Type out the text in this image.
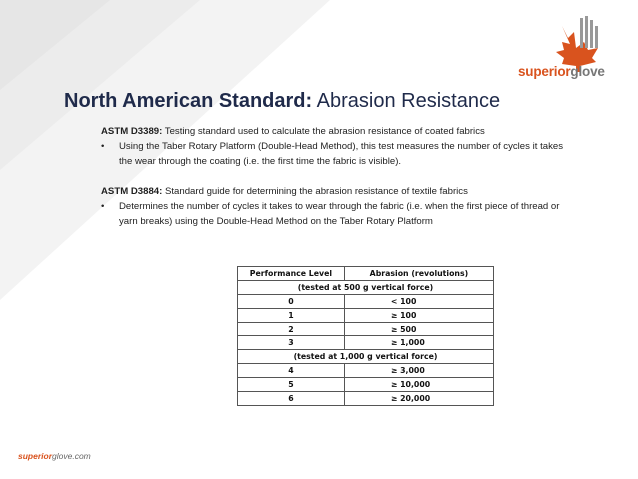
superiorglove
North American Standard: Abrasion Resistance

ASTM D3389: Testing standard used to calculate the abrasion resistance of coated fabrics

• Using the Taber Rotary Platform (Double-Head Method), this test measures the number of cycles it takes the wear through the coating (i.e. the first time the fabric is visible).

ASTM D3884: Standard guide for determining the abrasion resistance of textile fabrics

• Determines the number of cycles it takes to wear through the fabric (i.e. when the first piece of thread or yarn breaks) using the Double-Head Method on the Taber Rotary Platform

Performance Level	Abrasion (revolutions)
(tested at 500 g vertical force)	
0	< 100
1	≥ 100
2	≥ 500
3	≥ 1,000
(tested at 1,000 g vertical force)	
4	≥ 3,000
5	≥ 10,000
6	≥ 20,000
superiorglove.com
